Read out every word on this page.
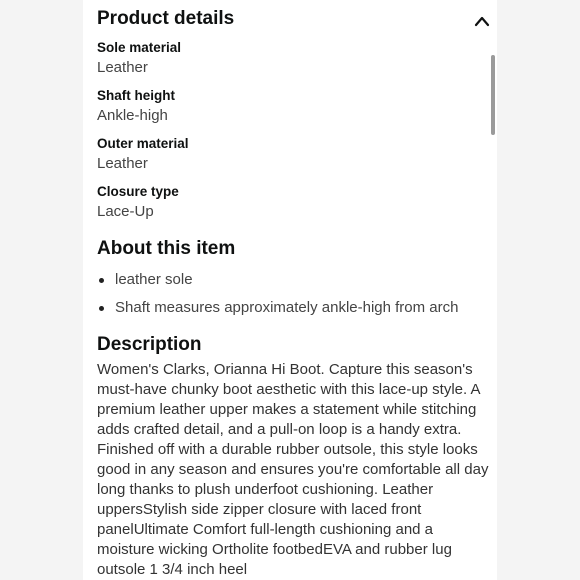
Product details
Sole material
Leather
Shaft height
Ankle-high
Outer material
Leather
Closure type
Lace-Up
About this item
leather sole
Shaft measures approximately ankle-high from arch
Description

Women's Clarks, Orianna Hi Boot. Capture this season's must-have chunky boot aesthetic with this lace-up style. A premium leather upper makes a statement while stitching adds crafted detail, and a pull-on loop is a handy extra. Finished off with a durable rubber outsole, this style looks good in any season and ensures you're comfortable all day long thanks to plush underfoot cushioning. Leather uppersStylish side zipper closure with laced front panelUltimate Comfort full-length cushioning and a moisture wicking Ortholite footbedEVA and rubber lug outsole 1 3/4 inch heel
